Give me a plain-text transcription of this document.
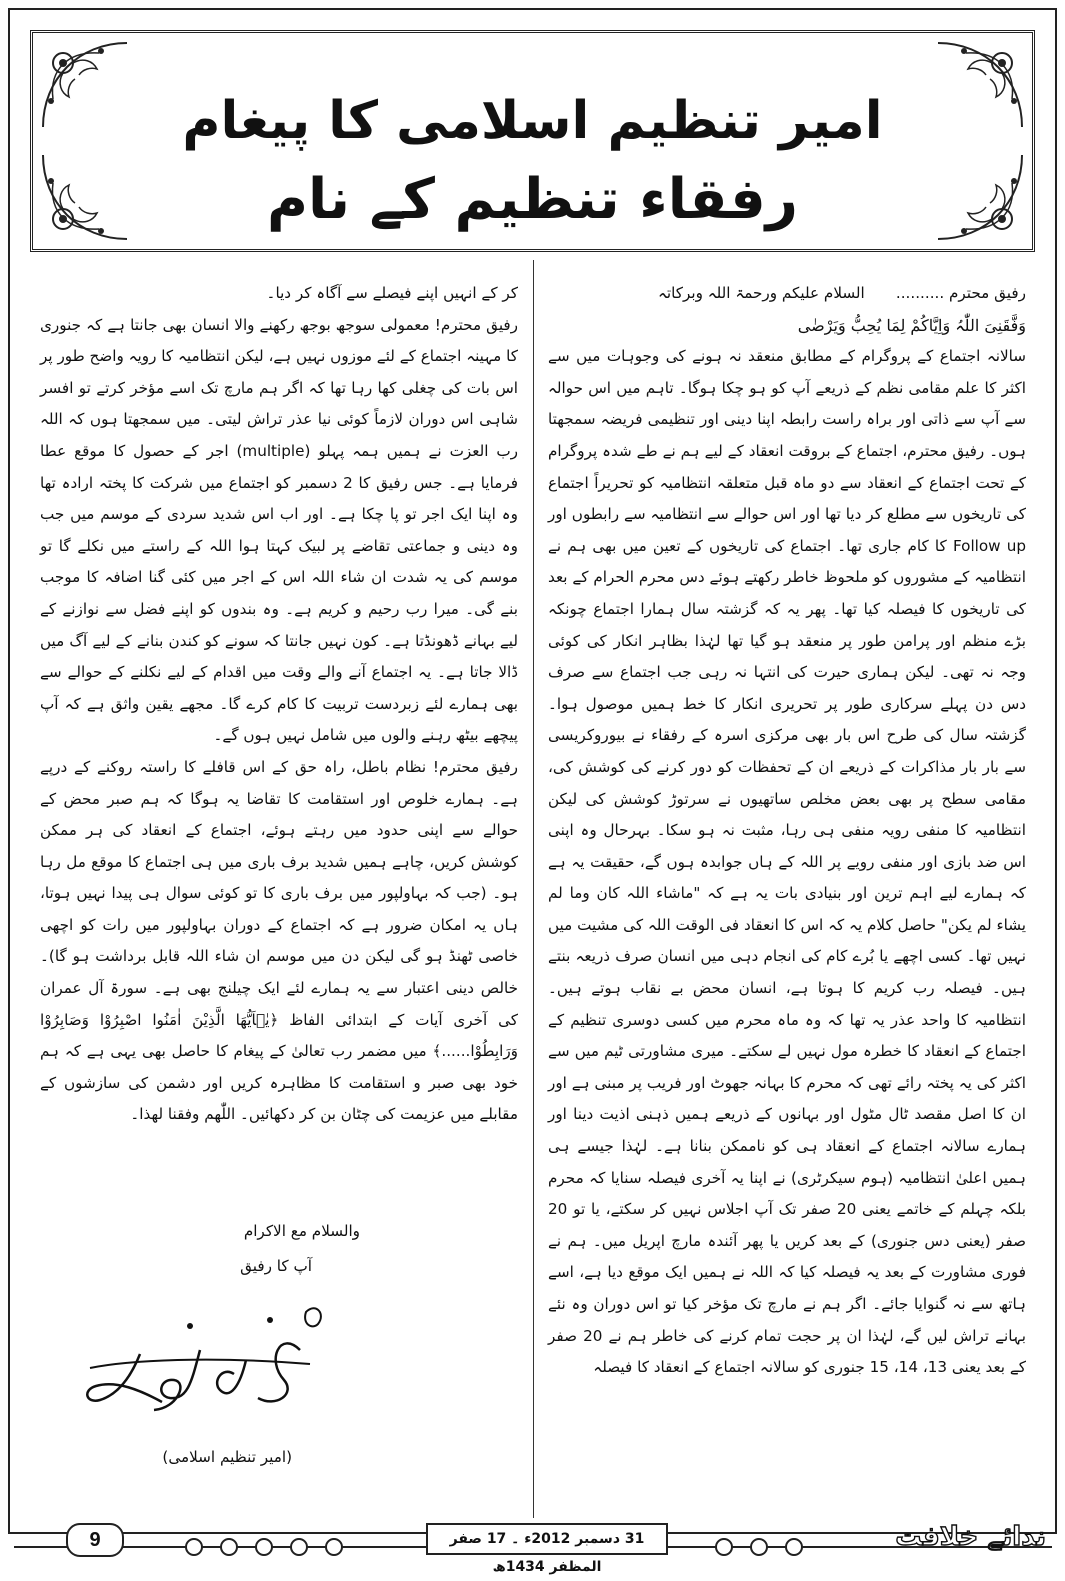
امیر تنظیم اسلامی کا پیغام
رفقاء تنظیم کے نام
رفیق محترم ..........
السلام علیکم ورحمۃ اللہ وبرکاتہ

وَفَّقَنِیَ اللّٰہُ وَاِیَّاکُمْ لِمَا یُحِبُّ وَیَرْضٰی

سالانہ اجتماع کے پروگرام کے مطابق منعقد نہ ہونے کی وجوہات میں سے اکثر کا علم مقامی نظم کے ذریعے آپ کو ہو چکا ہوگا۔ تاہم میں اس حوالہ سے آپ سے ذاتی اور براہ راست رابطہ اپنا دینی اور تنظیمی فریضہ سمجھتا ہوں۔ رفیق محترم، اجتماع کے بروقت انعقاد کے لیے ہم نے طے شدہ پروگرام کے تحت اجتماع کے انعقاد سے دو ماہ قبل متعلقہ انتظامیہ کو تحریراً اجتماع کی تاریخوں سے مطلع کر دیا تھا اور اس حوالے سے انتظامیہ سے رابطوں اور Follow up کا کام جاری تھا۔ اجتماع کی تاریخوں کے تعین میں بھی ہم نے انتظامیہ کے مشوروں کو ملحوظ خاطر رکھتے ہوئے دس محرم الحرام کے بعد کی تاریخوں کا فیصلہ کیا تھا۔ پھر یہ کہ گزشتہ سال ہمارا اجتماع چونکہ بڑے منظم اور پرامن طور پر منعقد ہو گیا تھا لہٰذا بظاہر انکار کی کوئی وجہ نہ تھی۔ لیکن ہماری حیرت کی انتہا نہ رہی جب اجتماع سے صرف دس دن پہلے سرکاری طور پر تحریری انکار کا خط ہمیں موصول ہوا۔ گزشتہ سال کی طرح اس بار بھی مرکزی اسرہ کے رفقاء نے بیوروکریسی سے بار بار مذاکرات کے ذریعے ان کے تحفظات کو دور کرنے کی کوشش کی، مقامی سطح پر بھی بعض مخلص ساتھیوں نے سرتوڑ کوشش کی لیکن انتظامیہ کا منفی رویہ منفی ہی رہا، مثبت نہ ہو سکا۔ بہرحال وہ اپنی اس ضد بازی اور منفی رویے پر اللہ کے ہاں جوابدہ ہوں گے، حقیقت یہ ہے کہ ہمارے لیے اہم ترین اور بنیادی بات یہ ہے کہ "ماشاء اللہ کان وما لم یشاء لم یکن" حاصل کلام یہ کہ اس کا انعقاد فی الوقت اللہ کی مشیت میں نہیں تھا۔ کسی اچھے یا بُرے کام کی انجام دہی میں انسان صرف ذریعہ بنتے ہیں۔ فیصلہ رب کریم کا ہوتا ہے، انسان محض بے نقاب ہوتے ہیں۔ انتظامیہ کا واحد عذر یہ تھا کہ وہ ماہ محرم میں کسی دوسری تنظیم کے اجتماع کے انعقاد کا خطرہ مول نہیں لے سکتے۔ میری مشاورتی ٹیم میں سے اکثر کی یہ پختہ رائے تھی کہ محرم کا بہانہ جھوٹ اور فریب پر مبنی ہے اور ان کا اصل مقصد ٹال مٹول اور بہانوں کے ذریعے ہمیں ذہنی اذیت دینا اور ہمارے سالانہ اجتماع کے انعقاد ہی کو ناممکن بنانا ہے۔ لہٰذا جیسے ہی ہمیں اعلیٰ انتظامیہ (ہوم سیکرٹری) نے اپنا یہ آخری فیصلہ سنایا کہ محرم بلکہ چہلم کے خاتمے یعنی 20 صفر تک آپ اجلاس نہیں کر سکتے، یا تو 20 صفر (یعنی دس جنوری) کے بعد کریں یا پھر آئندہ مارچ اپریل میں۔ ہم نے فوری مشاورت کے بعد یہ فیصلہ کیا کہ اللہ نے ہمیں ایک موقع دیا ہے، اسے ہاتھ سے نہ گنوایا جائے۔ اگر ہم نے مارچ تک مؤخر کیا تو اس دوران وہ نئے بہانے تراش لیں گے، لہٰذا ان پر حجت تمام کرنے کی خاطر ہم نے 20 صفر کے بعد یعنی 13، 14، 15 جنوری کو سالانہ اجتماع کے انعقاد کا فیصلہ

کر کے انہیں اپنے فیصلے سے آگاہ کر دیا۔

رفیق محترم! معمولی سوجھ بوجھ رکھنے والا انسان بھی جانتا ہے کہ جنوری کا مہینہ اجتماع کے لئے موزوں نہیں ہے، لیکن انتظامیہ کا رویہ واضح طور پر اس بات کی چغلی کھا رہا تھا کہ اگر ہم مارچ تک اسے مؤخر کرتے تو افسر شاہی اس دوران لازماً کوئی نیا عذر تراش لیتی۔ میں سمجھتا ہوں کہ اللہ رب العزت نے ہمیں ہمہ پہلو (multiple) اجر کے حصول کا موقع عطا فرمایا ہے۔ جس رفیق کا 2 دسمبر کو اجتماع میں شرکت کا پختہ ارادہ تھا وہ اپنا ایک اجر تو پا چکا ہے۔ اور اب اس شدید سردی کے موسم میں جب وہ دینی و جماعتی تقاضے پر لبیک کہتا ہوا اللہ کے راستے میں نکلے گا تو موسم کی یہ شدت ان شاء اللہ اس کے اجر میں کئی گنا اضافہ کا موجب بنے گی۔ میرا رب رحیم و کریم ہے۔ وہ بندوں کو اپنے فضل سے نوازنے کے لیے بہانے ڈھونڈتا ہے۔ کون نہیں جانتا کہ سونے کو کندن بنانے کے لیے آگ میں ڈالا جاتا ہے۔ یہ اجتماع آنے والے وقت میں اقدام کے لیے نکلنے کے حوالے سے بھی ہمارے لئے زبردست تربیت کا کام کرے گا۔ مجھے یقین واثق ہے کہ آپ پیچھے بیٹھ رہنے والوں میں شامل نہیں ہوں گے۔

رفیق محترم! نظام باطل، راہ حق کے اس قافلے کا راستہ روکنے کے درپے ہے۔ ہمارے خلوص اور استقامت کا تقاضا یہ ہوگا کہ ہم صبر محض کے حوالے سے اپنی حدود میں رہتے ہوئے، اجتماع کے انعقاد کی ہر ممکن کوشش کریں، چاہے ہمیں شدید برف باری میں ہی اجتماع کا موقع مل رہا ہو۔ (جب کہ بہاولپور میں برف باری کا تو کوئی سوال ہی پیدا نہیں ہوتا، ہاں یہ امکان ضرور ہے کہ اجتماع کے دوران بہاولپور میں رات کو اچھی خاصی ٹھنڈ ہو گی لیکن دن میں موسم ان شاء اللہ قابل برداشت ہو گا)۔ خالص دینی اعتبار سے یہ ہمارے لئے ایک چیلنج بھی ہے۔ سورۃ آل عمران کی آخری آیات کے ابتدائی الفاظ ﴿یٰۤاَیُّهَا الَّذِیْنَ اٰمَنُوا اصْبِرُوْا وَصَابِرُوْا وَرَابِطُوْا......﴾ میں مضمر رب تعالیٰ کے پیغام کا حاصل بھی یہی ہے کہ ہم خود بھی صبر و استقامت کا مظاہرہ کریں اور دشمن کی سازشوں کے مقابلے میں عزیمت کی چٹان بن کر دکھائیں۔ اللّٰھم وفقنا لھذا۔

والسلام مع الاکرام
آپ کا رفیق
(امیر تنظیم اسلامی)
9	31 دسمبر 2012ء ۔ 17 صفر المظفر 1434ھ
ندائے خلافت
